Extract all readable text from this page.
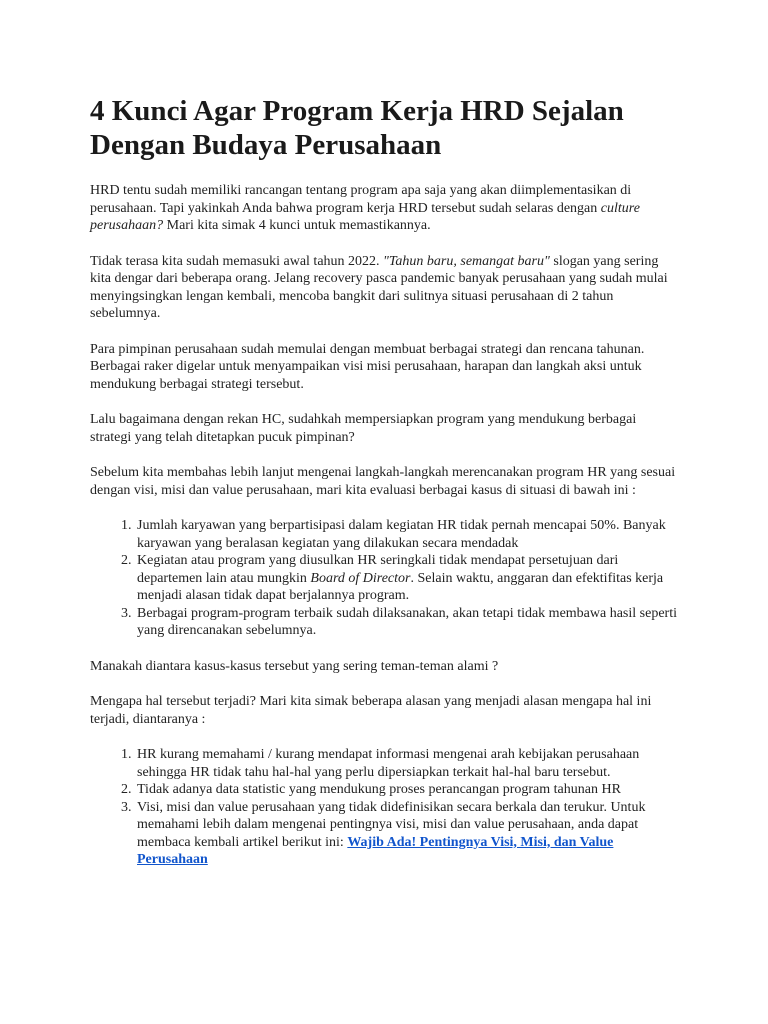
4 Kunci Agar Program Kerja HRD Sejalan Dengan Budaya Perusahaan

HRD tentu sudah memiliki rancangan tentang program apa saja yang akan diimplementasikan di perusahaan. Tapi yakinkah Anda bahwa program kerja HRD tersebut sudah selaras dengan culture perusahaan? Mari kita simak 4 kunci untuk memastikannya.

Tidak terasa kita sudah memasuki awal tahun 2022. "Tahun baru, semangat baru" slogan yang sering kita dengar dari beberapa orang. Jelang recovery pasca pandemic banyak perusahaan yang sudah mulai menyingsingkan lengan kembali, mencoba bangkit dari sulitnya situasi perusahaan di 2 tahun sebelumnya.

Para pimpinan perusahaan sudah memulai dengan membuat berbagai strategi dan rencana tahunan. Berbagai raker digelar untuk menyampaikan visi misi perusahaan, harapan dan langkah aksi untuk mendukung berbagai strategi tersebut.

Lalu bagaimana dengan rekan HC, sudahkah mempersiapkan program yang mendukung berbagai strategi yang telah ditetapkan pucuk pimpinan?

Sebelum kita membahas lebih lanjut mengenai langkah-langkah merencanakan program HR yang sesuai dengan visi, misi dan value perusahaan, mari kita evaluasi berbagai kasus di situasi di bawah ini :

1. Jumlah karyawan yang berpartisipasi dalam kegiatan HR tidak pernah mencapai 50%. Banyak karyawan yang beralasan kegiatan yang dilakukan secara mendadak
2. Kegiatan atau program yang diusulkan HR seringkali tidak mendapat persetujuan dari departemen lain atau mungkin Board of Director. Selain waktu, anggaran dan efektifitas kerja menjadi alasan tidak dapat berjalannya program.
3. Berbagai program-program terbaik sudah dilaksanakan, akan tetapi tidak membawa hasil seperti yang direncanakan sebelumnya.

Manakah diantara kasus-kasus tersebut yang sering teman-teman alami ?

Mengapa hal tersebut terjadi? Mari kita simak beberapa alasan yang menjadi alasan mengapa hal ini terjadi, diantaranya :

1. HR kurang memahami / kurang mendapat informasi mengenai arah kebijakan perusahaan sehingga HR tidak tahu hal-hal yang perlu dipersiapkan terkait hal-hal baru tersebut.
2. Tidak adanya data statistic yang mendukung proses perancangan program tahunan HR
3. Visi, misi dan value perusahaan yang tidak didefinisikan secara berkala dan terukur. Untuk memahami lebih dalam mengenai pentingnya visi, misi dan value perusahaan, anda dapat membaca kembali artikel berikut ini: Wajib Ada! Pentingnya Visi, Misi, dan Value Perusahaan
